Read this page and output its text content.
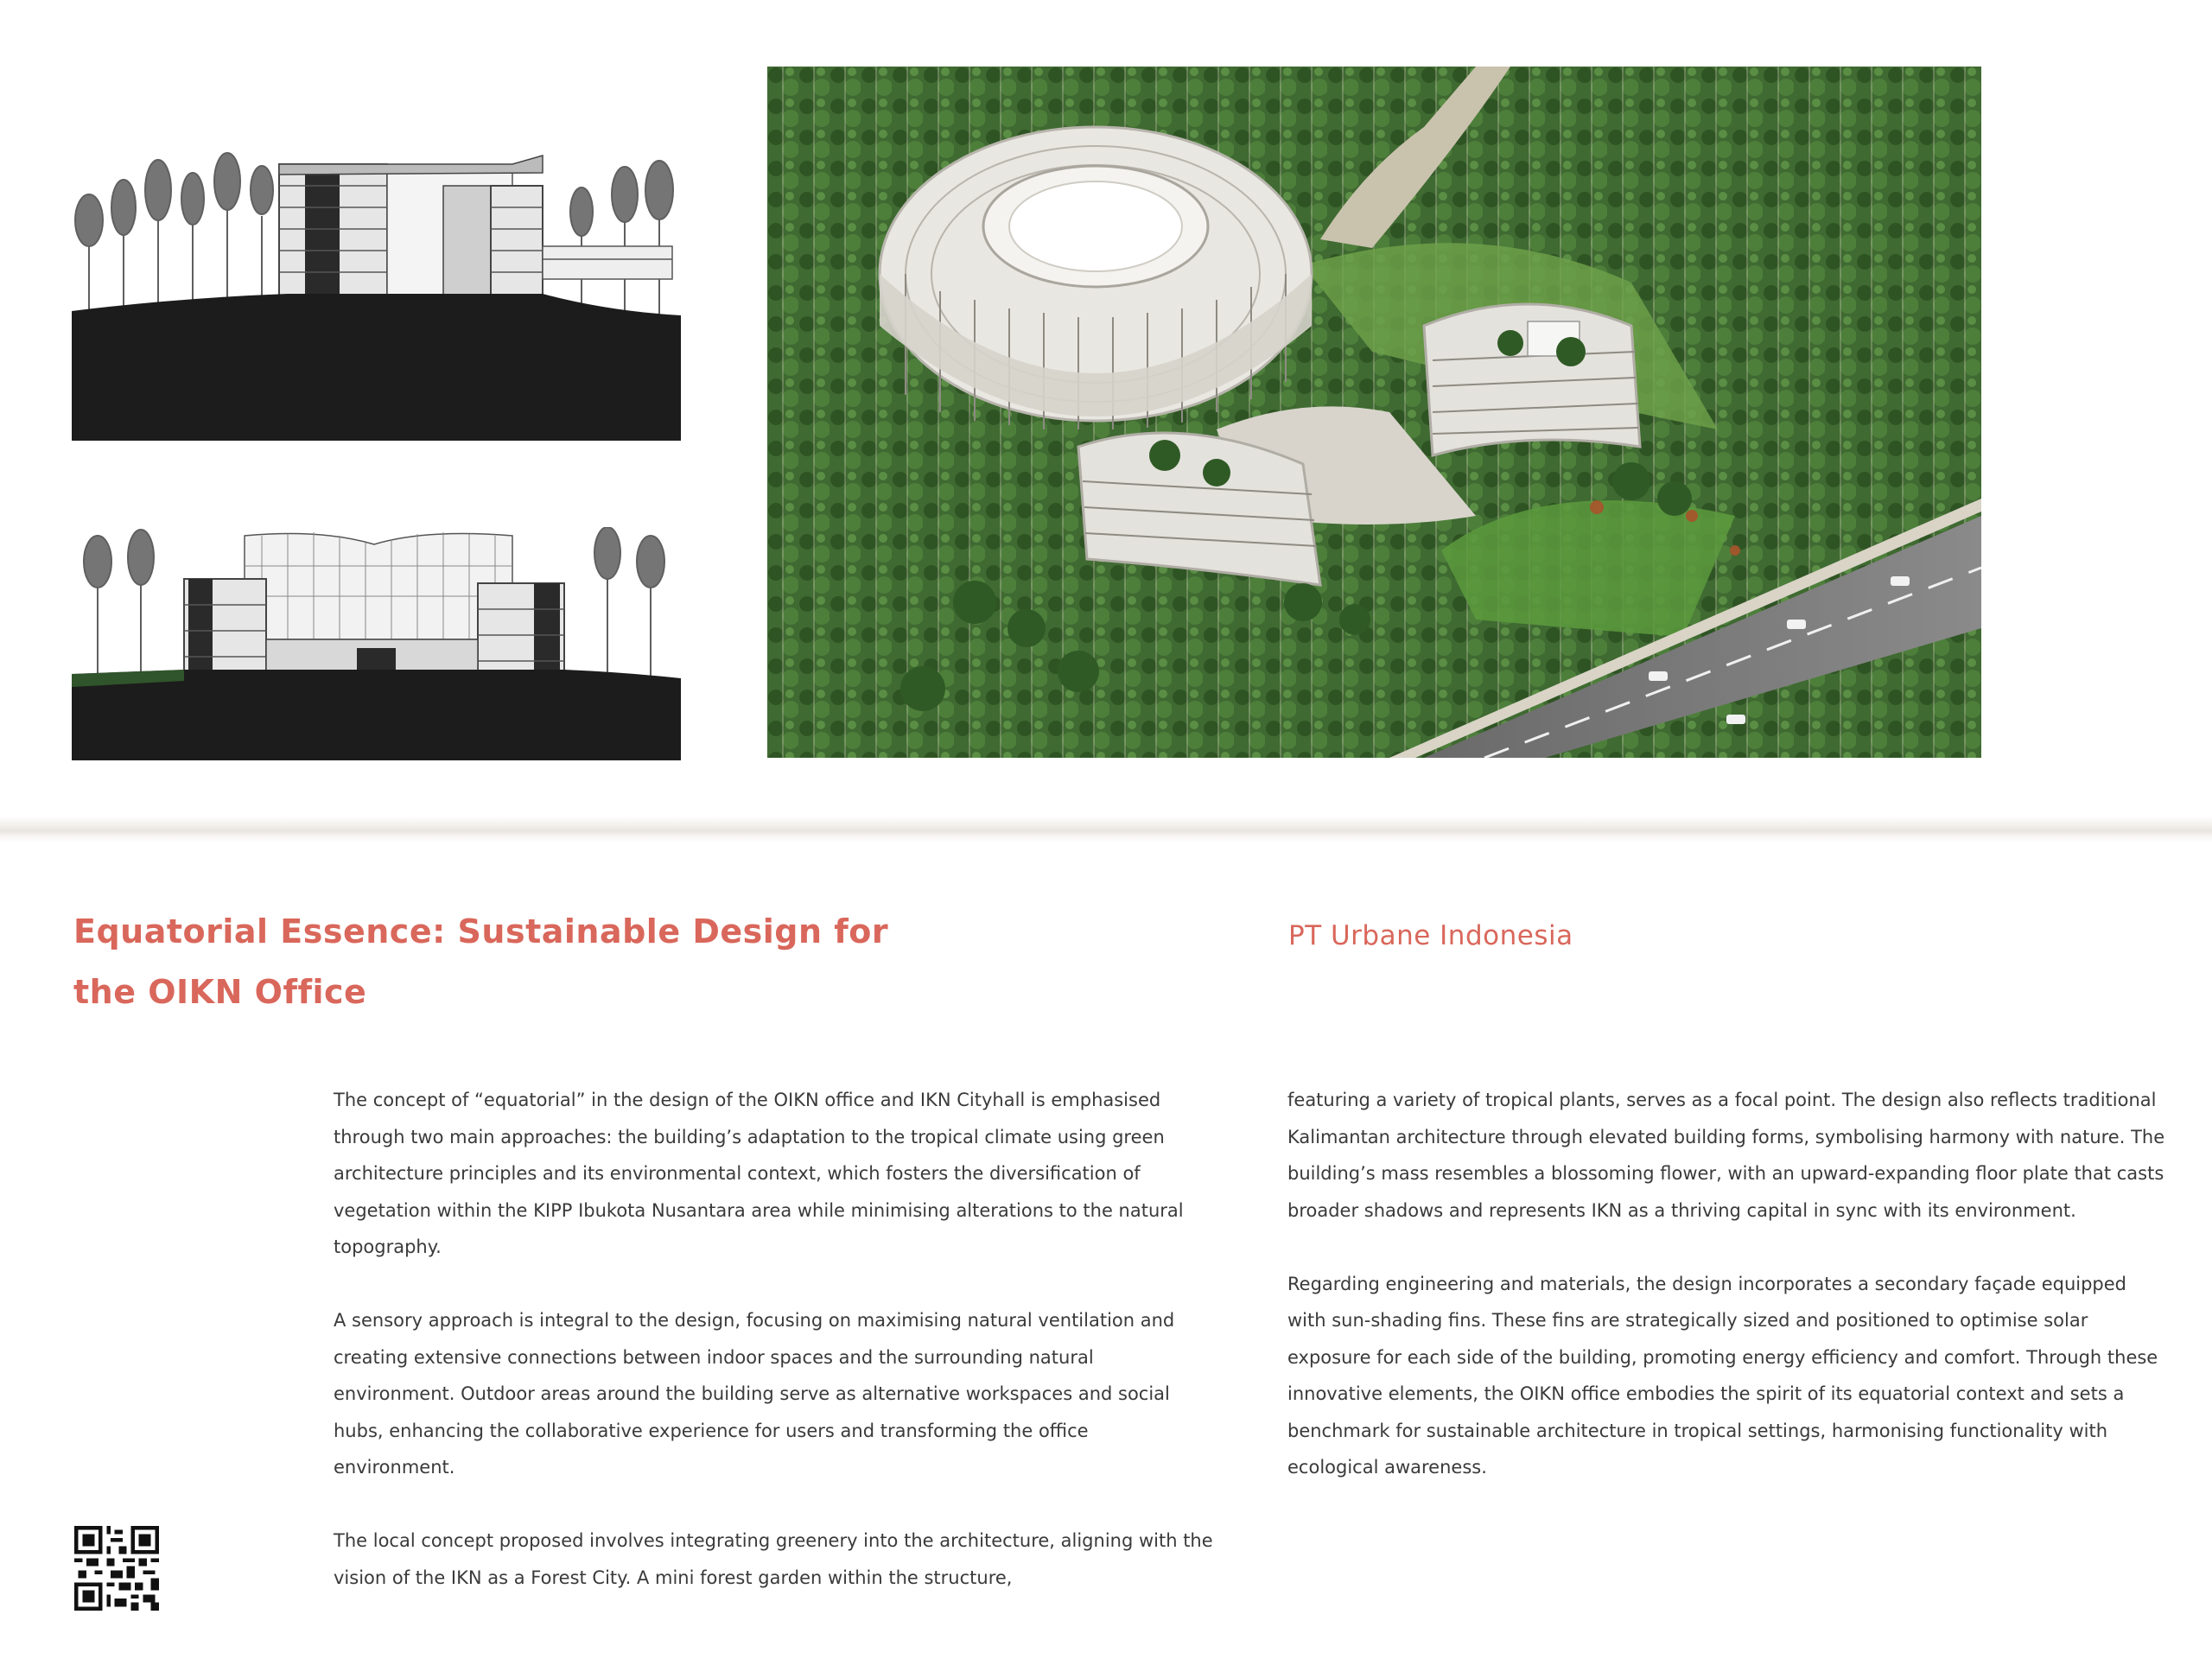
Equatorial Essence: Sustainable Design for
the OIKN Office
PT Urbane Indonesia

The concept of “equatorial” in the design of the OIKN office and IKN Cityhall is emphasised through two main approaches: the building’s adaptation to the tropical climate using green architecture principles and its environmental context, which fosters the diversification of vegetation within the KIPP Ibukota Nusantara area while minimising alterations to the natural topography.

A sensory approach is integral to the design, focusing on maximising natural ventilation and creating extensive connections between indoor spaces and the surrounding natural environment. Outdoor areas around the building serve as alternative workspaces and social hubs, enhancing the collaborative experience for users and transforming the office environment.

The local concept proposed involves integrating greenery into the architecture, aligning with the vision of the IKN as a Forest City. A mini forest garden within the structure,

featuring a variety of tropical plants, serves as a focal point. The design also reflects traditional Kalimantan architecture through elevated building forms, symbolising harmony with nature. The building’s mass resembles a blossoming flower, with an upward-expanding floor plate that casts broader shadows and represents IKN as a thriving capital in sync with its environment.

Regarding engineering and materials, the design incorporates a secondary façade equipped with sun-shading fins. These fins are strategically sized and positioned to optimise solar exposure for each side of the building, promoting energy efficiency and comfort. Through these innovative elements, the OIKN office embodies the spirit of its equatorial context and sets a benchmark for sustainable architecture in tropical settings, harmonising functionality with ecological awareness.
